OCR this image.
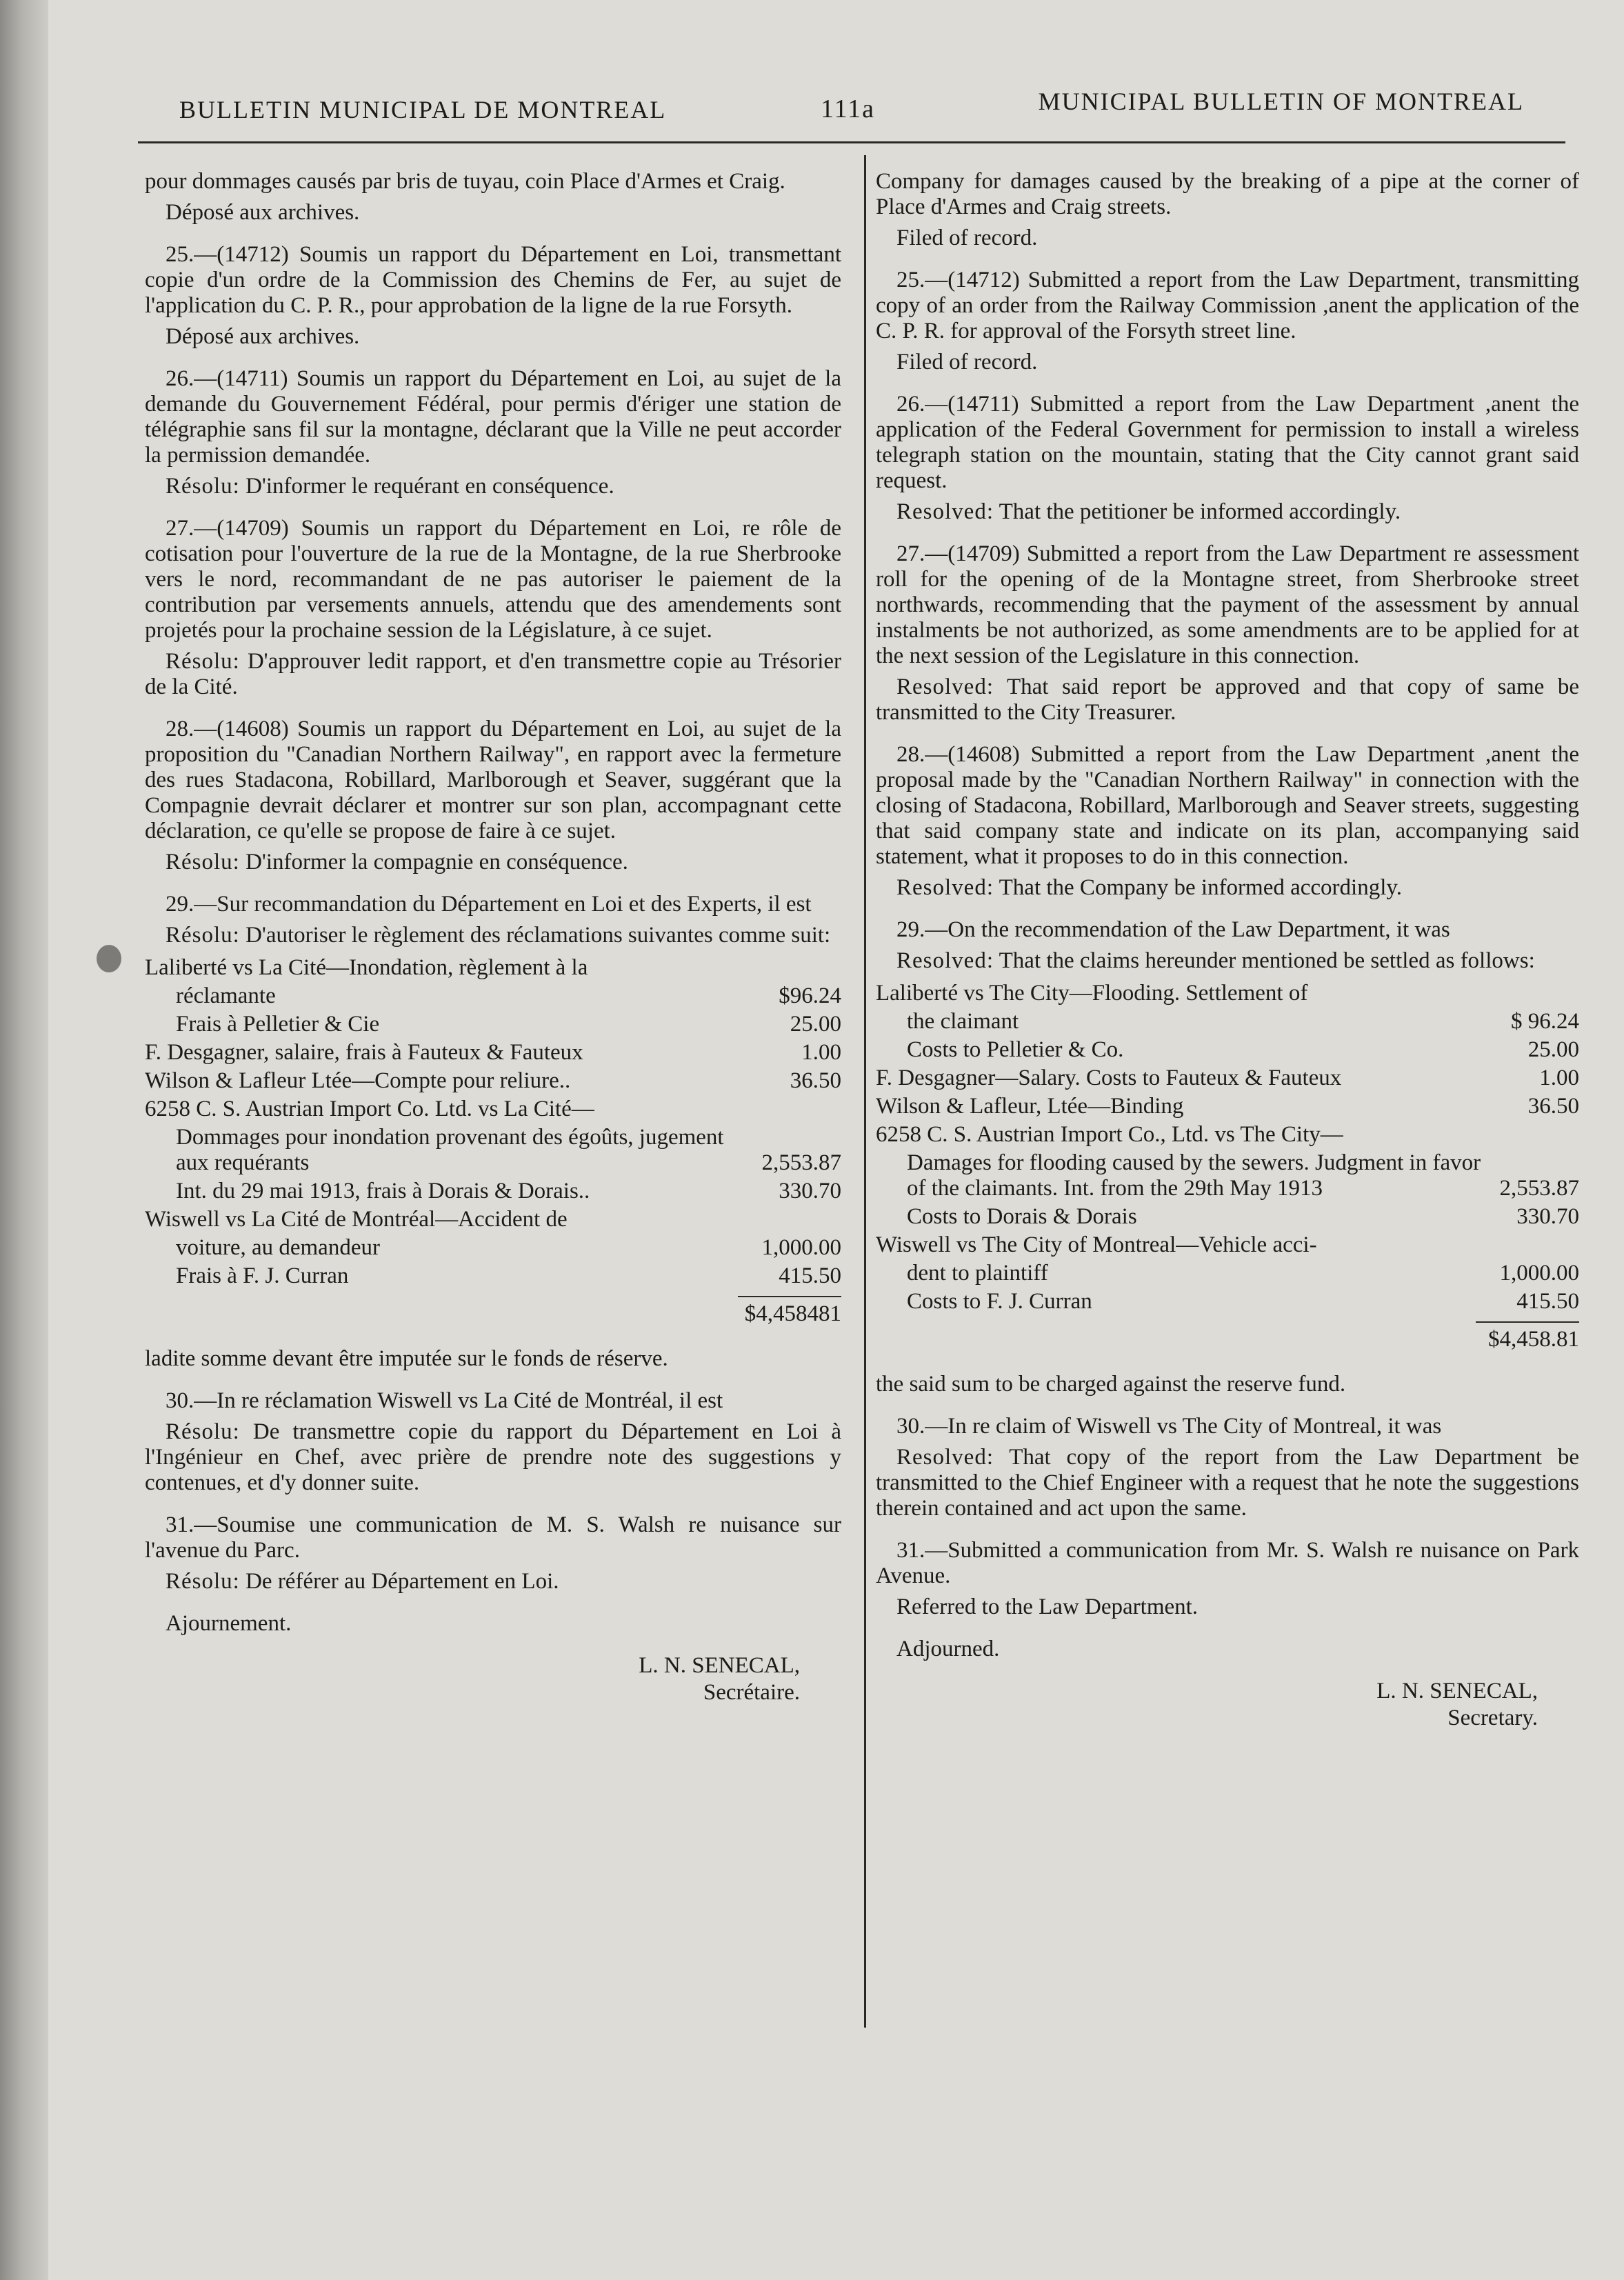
BULLETIN MUNICIPAL DE MONTREAL	111a	MUNICIPAL BULLETIN OF MONTREAL

pour dommages causés par bris de tuyau, coin Place d'Armes et Craig.

Déposé aux archives.

25.—(14712) Soumis un rapport du Département en Loi, transmettant copie d'un ordre de la Commission des Chemins de Fer, au sujet de l'application du C. P. R., pour approbation de la ligne de la rue Forsyth.

Déposé aux archives.

26.—(14711) Soumis un rapport du Département en Loi, au sujet de la demande du Gouvernement Fédéral, pour permis d'ériger une station de télégraphie sans fil sur la montagne, déclarant que la Ville ne peut accorder la permission demandée.

Résolu: D'informer le requérant en conséquence.

27.—(14709) Soumis un rapport du Département en Loi, re rôle de cotisation pour l'ouverture de la rue de la Montagne, de la rue Sherbrooke vers le nord, recommandant de ne pas autoriser le paiement de la contribution par versements annuels, attendu que des amendements sont projetés pour la prochaine session de la Législature, à ce sujet.

Résolu: D'approuver ledit rapport, et d'en transmettre copie au Trésorier de la Cité.

28.—(14608) Soumis un rapport du Département en Loi, au sujet de la proposition du "Canadian Northern Railway", en rapport avec la fermeture des rues Stadacona, Robillard, Marlborough et Seaver, suggérant que la Compagnie devrait déclarer et montrer sur son plan, accompagnant cette déclaration, ce qu'elle se propose de faire à ce sujet.

Résolu: D'informer la compagnie en conséquence.

29.—Sur recommandation du Département en Loi et des Experts, il est

Résolu: D'autoriser le règlement des réclamations suivantes comme suit:

Laliberté vs La Cité—Inondation, règlement à la
réclamante	$96.24
Frais à Pelletier & Cie	25.00
F. Desgagner, salaire, frais à Fauteux & Fauteux	1.00
Wilson & Lafleur Ltée—Compte pour reliure..	36.50
6258 C. S. Austrian Import Co. Ltd. vs La Cité—
Dommages pour inondation provenant des égoûts, jugement aux requérants	2,553.87
Int. du 29 mai 1913, frais à Dorais & Dorais..	330.70
Wiswell vs La Cité de Montréal—Accident de
voiture, au demandeur	1,000.00
Frais à F. J. Curran	415.50
$4,458481

ladite somme devant être imputée sur le fonds de réserve.

30.—In re réclamation Wiswell vs La Cité de Montréal, il est

Résolu: De transmettre copie du rapport du Département en Loi à l'Ingénieur en Chef, avec prière de prendre note des suggestions y contenues, et d'y donner suite.

31.—Soumise une communication de M. S. Walsh re nuisance sur l'avenue du Parc.

Résolu: De référer au Département en Loi.

Ajournement.

L. N. SENECAL,
Secrétaire.

Company for damages caused by the breaking of a pipe at the corner of Place d'Armes and Craig streets.

Filed of record.

25.—(14712) Submitted a report from the Law Department, transmitting copy of an order from the Railway Commission ,anent the application of the C. P. R. for approval of the Forsyth street line.

Filed of record.

26.—(14711) Submitted a report from the Law Department ,anent the application of the Federal Government for permission to install a wireless telegraph station on the mountain, stating that the City cannot grant said request.

Resolved: That the petitioner be informed accordingly.

27.—(14709) Submitted a report from the Law Department re assessment roll for the opening of de la Montagne street, from Sherbrooke street northwards, recommending that the payment of the assessment by annual instalments be not authorized, as some amendments are to be applied for at the next session of the Legislature in this connection.

Resolved: That said report be approved and that copy of same be transmitted to the City Treasurer.

28.—(14608) Submitted a report from the Law Department ,anent the proposal made by the "Canadian Northern Railway" in connection with the closing of Stadacona, Robillard, Marlborough and Seaver streets, suggesting that said company state and indicate on its plan, accompanying said statement, what it proposes to do in this connection.

Resolved: That the Company be informed accordingly.

29.—On the recommendation of the Law Department, it was

Resolved: That the claims hereunder mentioned be settled as follows:

Laliberté vs The City—Flooding. Settlement of
the claimant	$ 96.24
Costs to Pelletier & Co.	25.00
F. Desgagner—Salary. Costs to Fauteux & Fauteux	1.00
Wilson & Lafleur, Ltée—Binding	36.50
6258 C. S. Austrian Import Co., Ltd. vs The City—
Damages for flooding caused by the sewers. Judgment in favor of the claimants. Int. from the 29th May 1913	2,553.87
Costs to Dorais & Dorais	330.70
Wiswell vs The City of Montreal—Vehicle acci-
dent to plaintiff	1,000.00
Costs to F. J. Curran	415.50
$4,458.81

the said sum to be charged against the reserve fund.

30.—In re claim of Wiswell vs The City of Montreal, it was

Resolved: That copy of the report from the Law Department be transmitted to the Chief Engineer with a request that he note the suggestions therein contained and act upon the same.

31.—Submitted a communication from Mr. S. Walsh re nuisance on Park Avenue.

Referred to the Law Department.

Adjourned.

L. N. SENECAL,
Secretary.
